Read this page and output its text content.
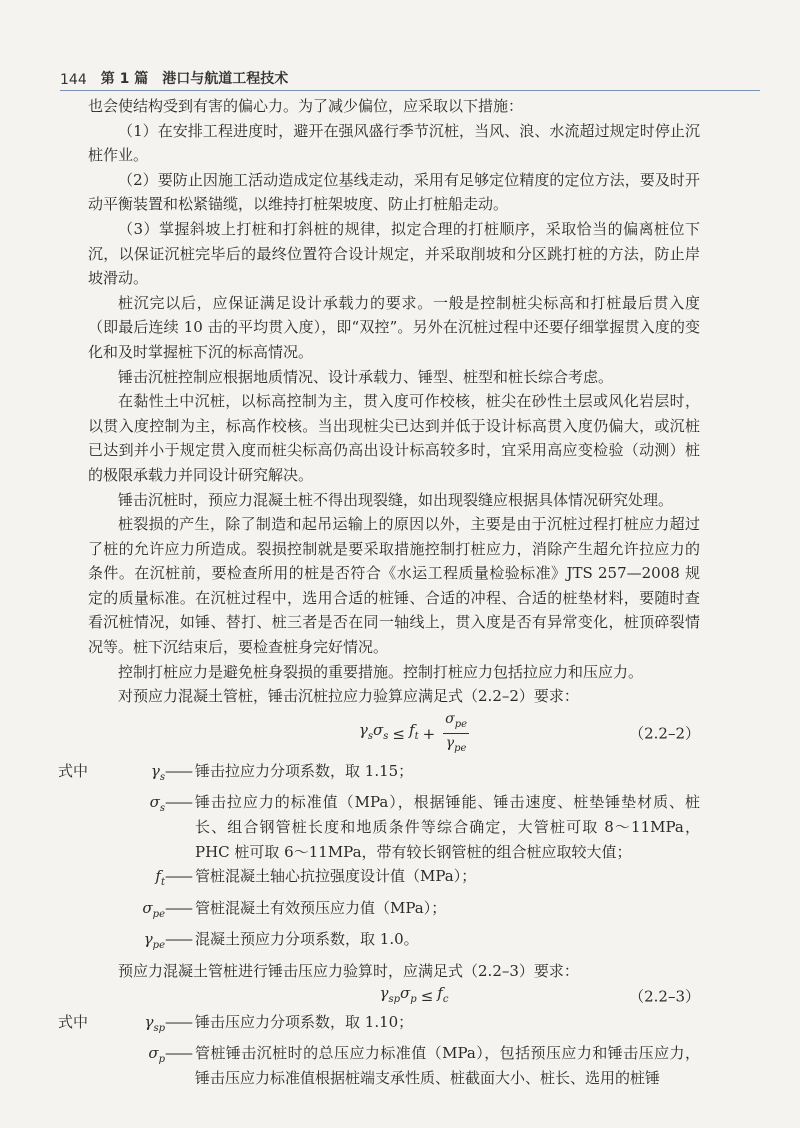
144 第 1 篇 港口与航道工程技术

也会使结构受到有害的偏心力。为了减少偏位，应采取以下措施：

（1）在安排工程进度时，避开在强风盛行季节沉桩，当风、浪、水流超过规定时停止沉桩作业。

（2）要防止因施工活动造成定位基线走动，采用有足够定位精度的定位方法，要及时开动平衡装置和松紧锚缆，以维持打桩架坡度、防止打桩船走动。

（3）掌握斜坡上打桩和打斜桩的规律，拟定合理的打桩顺序，采取恰当的偏离桩位下沉，以保证沉桩完毕后的最终位置符合设计规定，并采取削坡和分区跳打桩的方法，防止岸坡滑动。

桩沉完以后，应保证满足设计承载力的要求。一般是控制桩尖标高和打桩最后贯入度（即最后连续 10 击的平均贯入度），即“双控”。另外在沉桩过程中还要仔细掌握贯入度的变化和及时掌握桩下沉的标高情况。

锤击沉桩控制应根据地质情况、设计承载力、锤型、桩型和桩长综合考虑。

在黏性土中沉桩，以标高控制为主，贯入度可作校核，桩尖在砂性土层或风化岩层时，以贯入度控制为主，标高作校核。当出现桩尖已达到并低于设计标高贯入度仍偏大，或沉桩已达到并小于规定贯入度而桩尖标高仍高出设计标高较多时，宜采用高应变检验（动测）桩的极限承载力并同设计研究解决。

锤击沉桩时，预应力混凝土桩不得出现裂缝，如出现裂缝应根据具体情况研究处理。

桩裂损的产生，除了制造和起吊运输上的原因以外，主要是由于沉桩过程打桩应力超过了桩的允许应力所造成。裂损控制就是要采取措施控制打桩应力，消除产生超允许拉应力的条件。在沉桩前，要检查所用的桩是否符合《水运工程质量检验标准》JTS 257—2008 规定的质量标准。在沉桩过程中，选用合适的桩锤、合适的冲程、合适的桩垫材料，要随时查看沉桩情况，如锤、替打、桩三者是否在同一轴线上，贯入度是否有异常变化，桩顶碎裂情况等。桩下沉结束后，要检查桩身完好情况。

控制打桩应力是避免桩身裂损的重要措施。控制打桩应力包括拉应力和压应力。

对预应力混凝土管桩，锤击沉桩拉应力验算应满足式（2.2–2）要求：

$\gamma_s\sigma_s \le f_t + \frac{\sigma_{pe}}{\gamma_{pe}}$	（2.2–2）
式中	$\gamma_s$ —— 锤击拉应力分项系数，取 1.15；
$\sigma_s$ —— 锤击拉应力的标准值（MPa），根据锤能、锤击速度、桩垫锤垫材质、桩长、组合钢管桩长度和地质条件等综合确定，大管桩可取 8～11MPa，PHC 桩可取 6～11MPa，带有较长钢管桩的组合桩应取较大值；
$f_t$ —— 管桩混凝土轴心抗拉强度设计值（MPa）；
$\sigma_{pe}$ —— 管桩混凝土有效预压应力值（MPa）；
$\gamma_{pe}$ —— 混凝土预应力分项系数，取 1.0。

预应力混凝土管桩进行锤击压应力验算时，应满足式（2.2–3）要求：

$\gamma_{sp}\sigma_p \le f_c$	（2.2–3）
式中	$\gamma_{sp}$ —— 锤击压应力分项系数，取 1.10；
$\sigma_p$ —— 管桩锤击沉桩时的总压应力标准值（MPa），包括预压应力和锤击压应力，锤击压应力标准值根据桩端支承性质、桩截面大小、桩长、选用的桩锤
